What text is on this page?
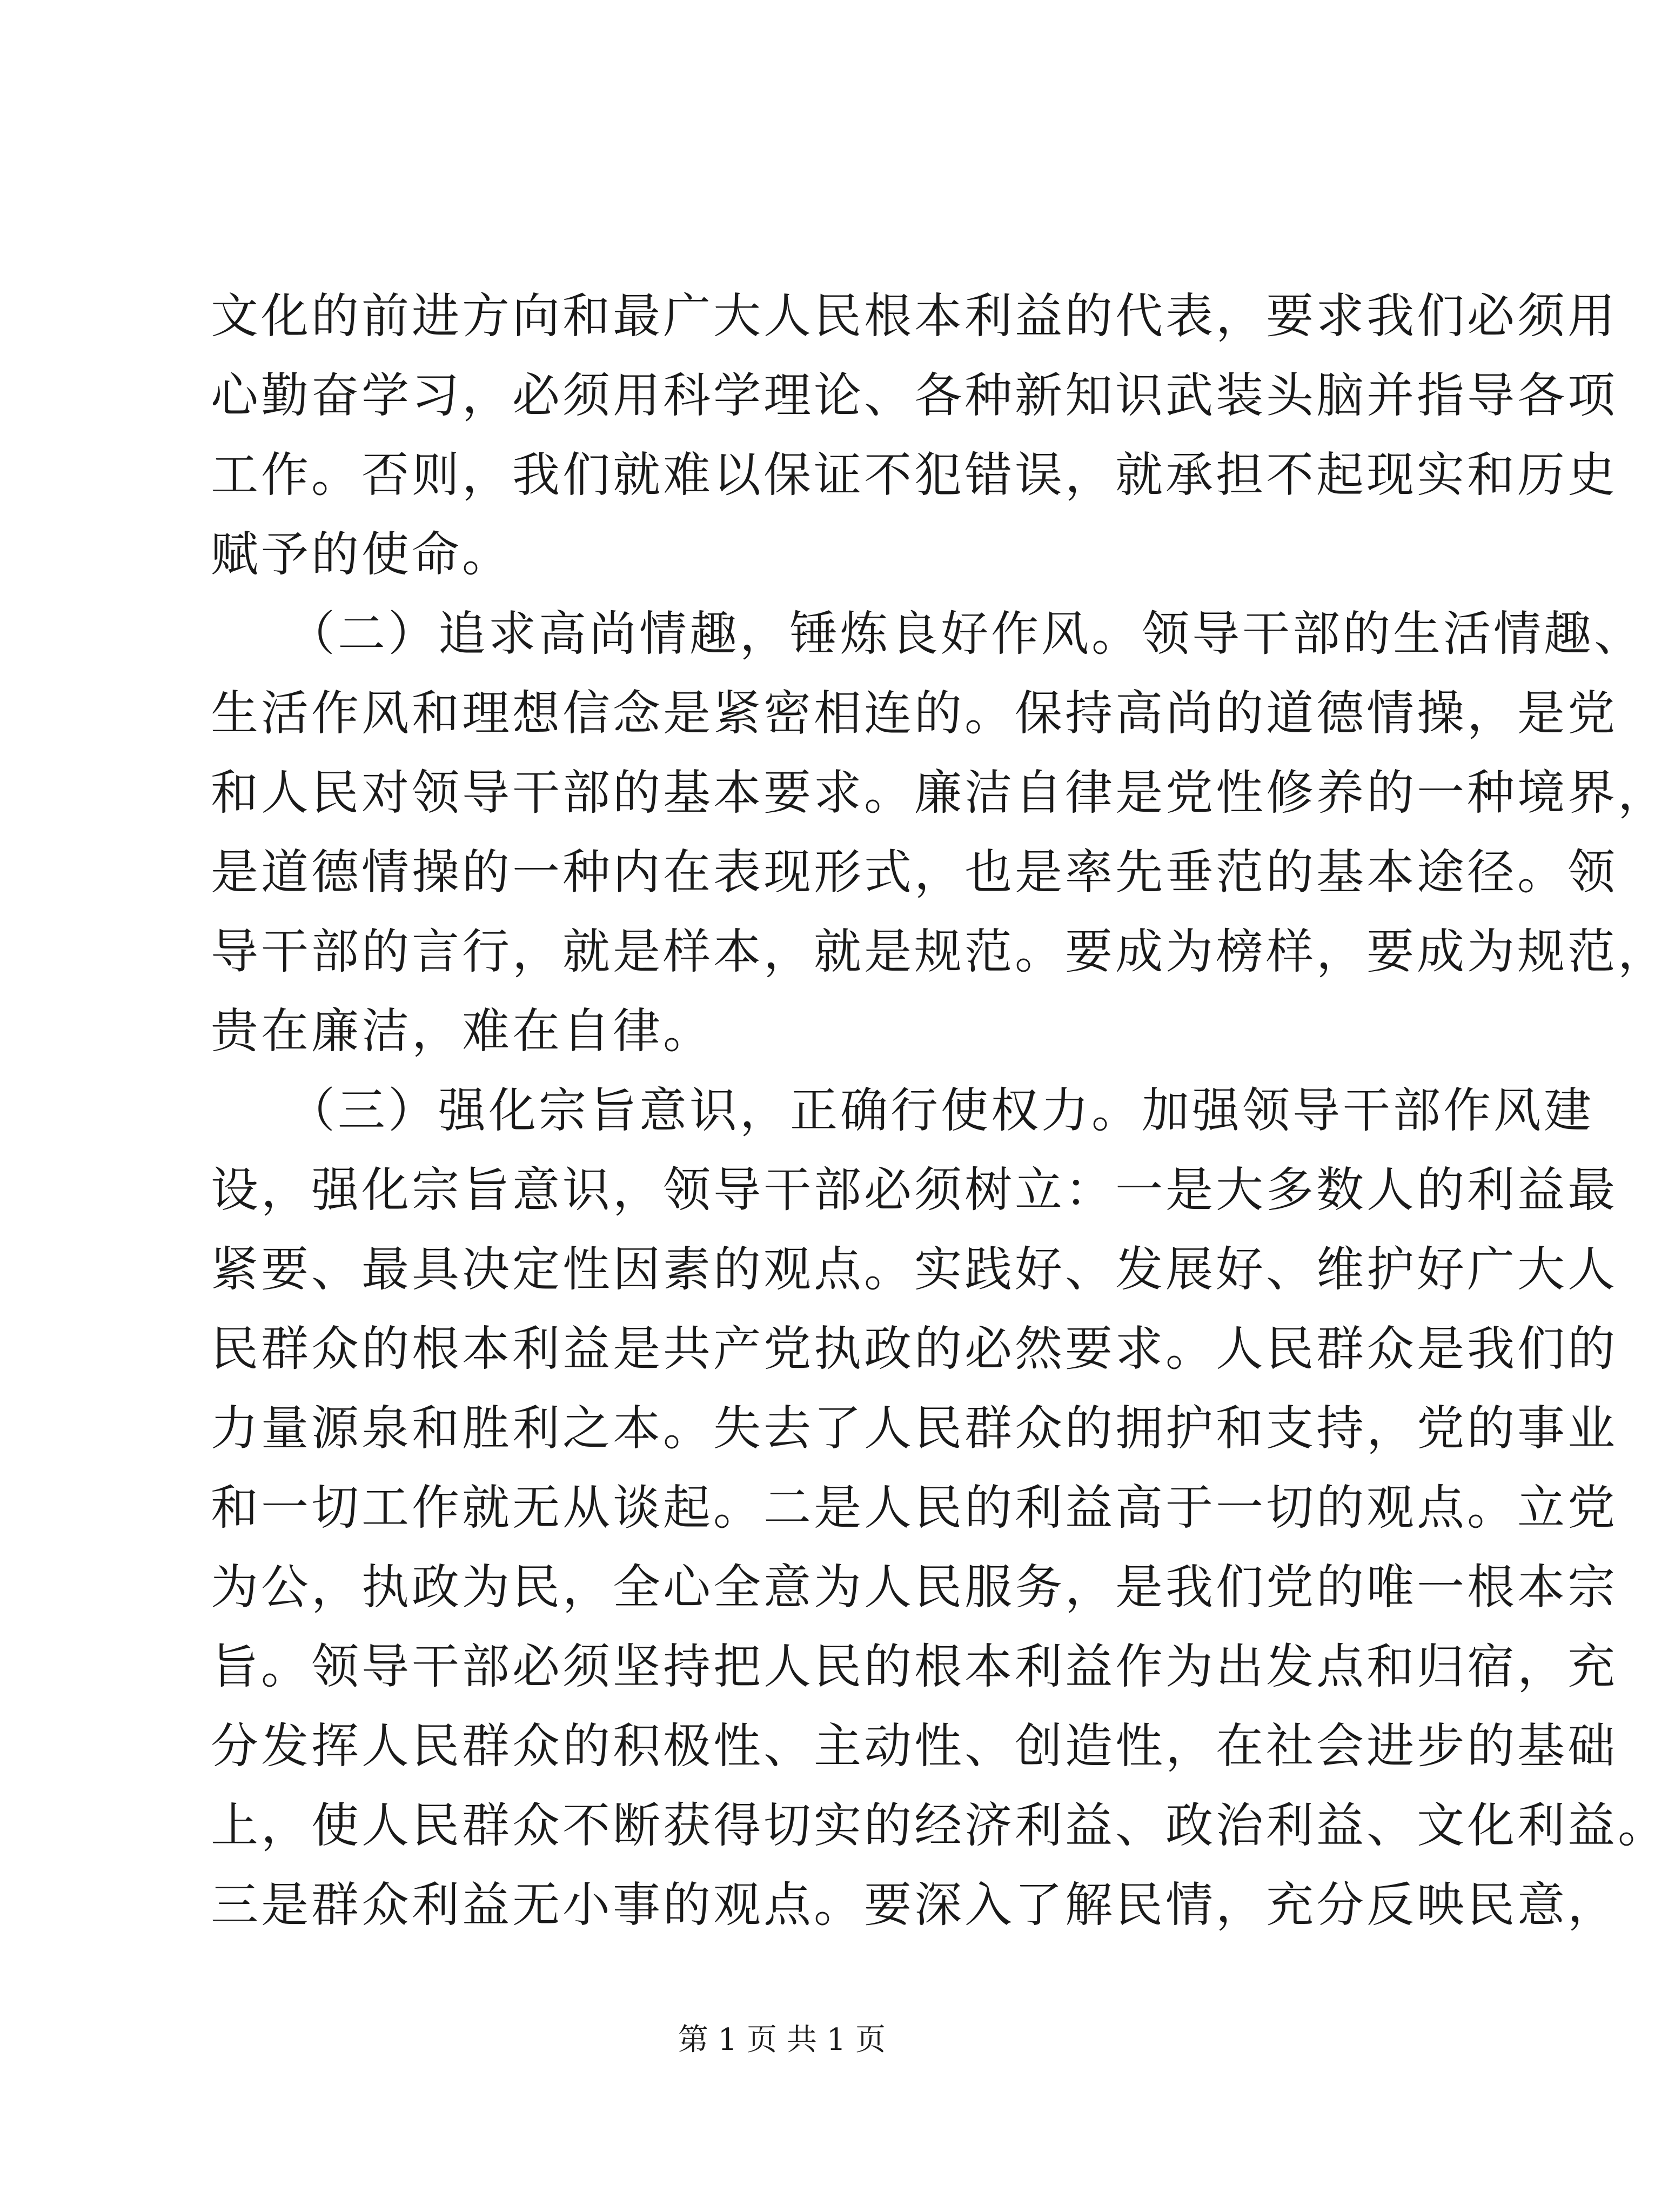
文化的前进方向和最广大人民根本利益的代表，要求我们必须用
心勤奋学习，必须用科学理论、各种新知识武装头脑并指导各项
工作。否则，我们就难以保证不犯错误，就承担不起现实和历史
赋予的使命。
　　（二）追求高尚情趣，锤炼良好作风。领导干部的生活情趣、
生活作风和理想信念是紧密相连的。保持高尚的道德情操，是党
和人民对领导干部的基本要求。廉洁自律是党性修养的一种境界，
是道德情操的一种内在表现形式，也是率先垂范的基本途径。领
导干部的言行，就是样本，就是规范。要成为榜样，要成为规范，
贵在廉洁，难在自律。
　　（三）强化宗旨意识，正确行使权力。加强领导干部作风建
设，强化宗旨意识，领导干部必须树立：一是大多数人的利益最
紧要、最具决定性因素的观点。实践好、发展好、维护好广大人
民群众的根本利益是共产党执政的必然要求。人民群众是我们的
力量源泉和胜利之本。失去了人民群众的拥护和支持，党的事业
和一切工作就无从谈起。二是人民的利益高于一切的观点。立党
为公，执政为民，全心全意为人民服务，是我们党的唯一根本宗
旨。领导干部必须坚持把人民的根本利益作为出发点和归宿，充
分发挥人民群众的积极性、主动性、创造性，在社会进步的基础
上，使人民群众不断获得切实的经济利益、政治利益、文化利益。
三是群众利益无小事的观点。要深入了解民情，充分反映民意，
第 1 页 共 1 页
